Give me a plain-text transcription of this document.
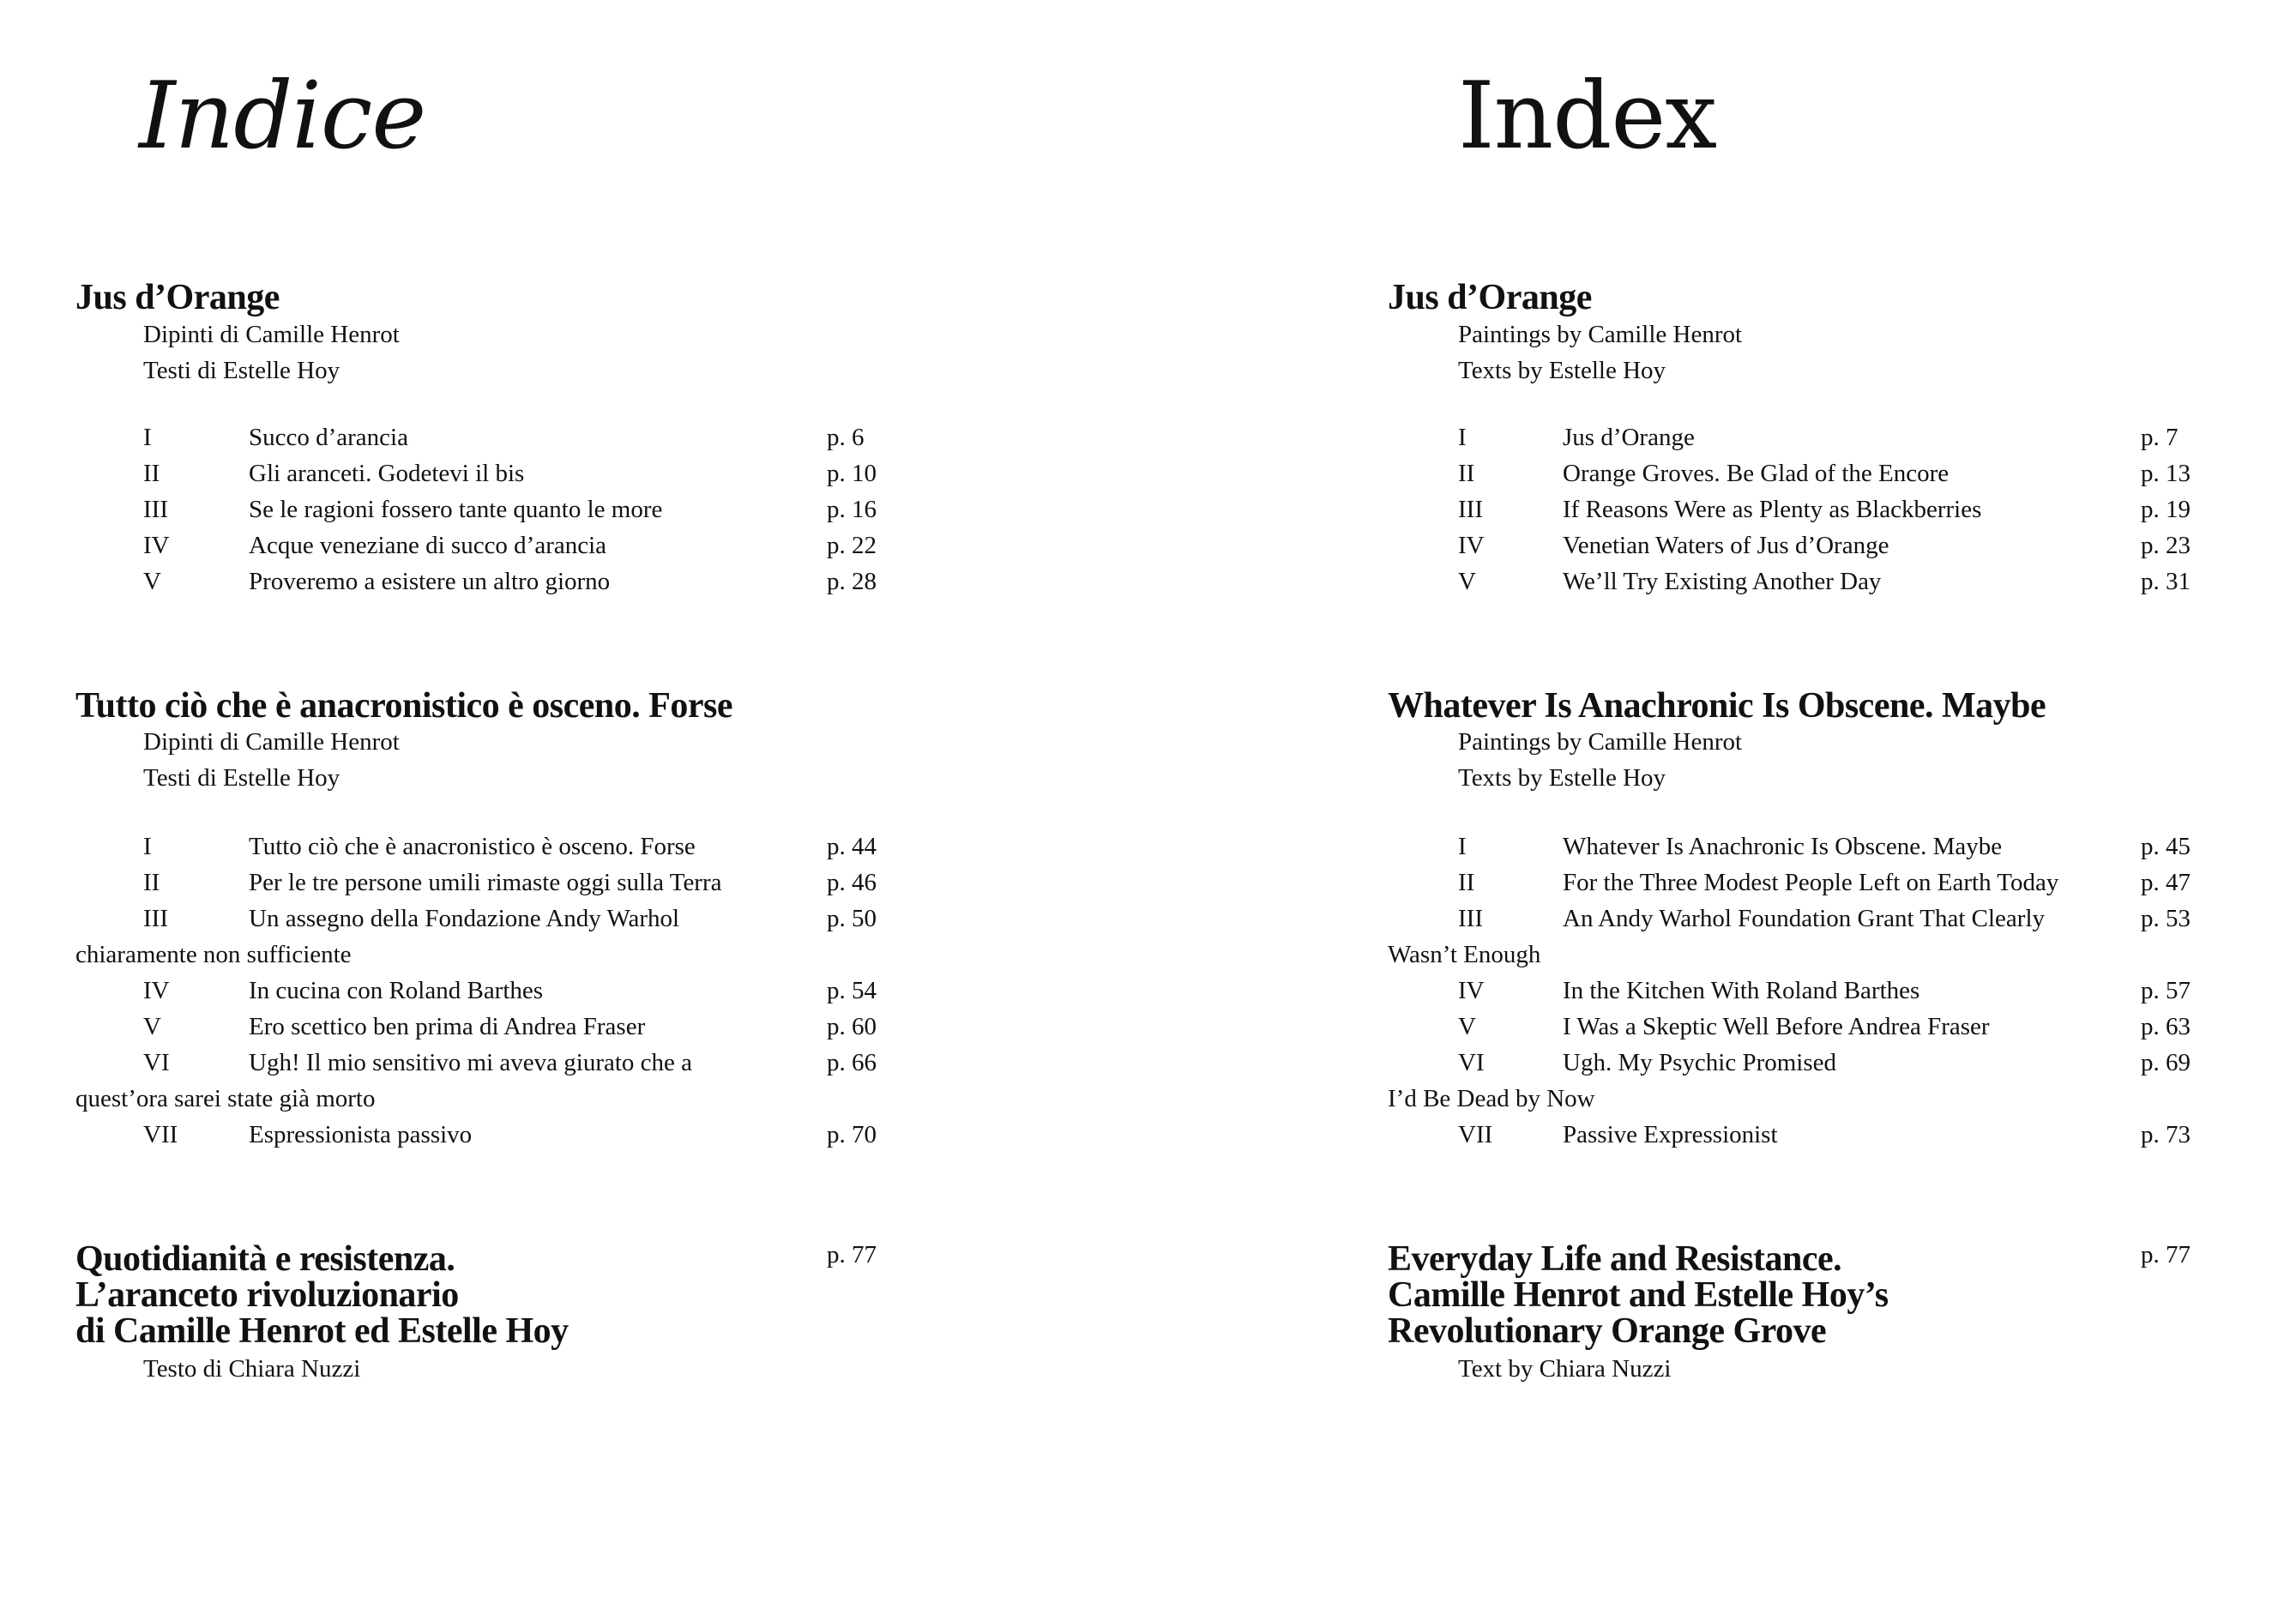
Indice
Jus d’Orange
Dipinti di Camille Henrot
Testi di Estelle Hoy
I	Succo d’arancia	p. 6
II	Gli aranceti. Godetevi il bis	p. 10
III	Se le ragioni fossero tante quanto le more	p. 16
IV	Acque veneziane di succo d’arancia	p. 22
V	Proveremo a esistere un altro giorno	p. 28
Tutto ciò che è anacronistico è osceno. Forse
Dipinti di Camille Henrot
Testi di Estelle Hoy
I	Tutto ciò che è anacronistico è osceno. Forse	p. 44
II	Per le tre persone umili rimaste oggi sulla Terra	p. 46
III	Un assegno della Fondazione Andy Warhol	p. 50
chiaramente non sufficiente
IV	In cucina con Roland Barthes	p. 54
V	Ero scettico ben prima di Andrea Fraser	p. 60
VI	Ugh! Il mio sensitivo mi aveva giurato che a	p. 66
quest’ora sarei state già morto
VII	Espressionista passivo	p. 70
Quotidianità e resistenza.
L’aranceto rivoluzionario
di Camille Henrot ed Estelle Hoy
Testo di Chiara Nuzzi
p. 77
Index
Jus d’Orange
Paintings by Camille Henrot
Texts by Estelle Hoy
I	Jus d’Orange	p. 7
II	Orange Groves. Be Glad of the Encore	p. 13
III	If Reasons Were as Plenty as Blackberries	p. 19
IV	Venetian Waters of Jus d’Orange	p. 23
V	We’ll Try Existing Another Day	p. 31
Whatever Is Anachronic Is Obscene. Maybe
Paintings by Camille Henrot
Texts by Estelle Hoy
I	Whatever Is Anachronic Is Obscene. Maybe	p. 45
II	For the Three Modest People Left on Earth Today	p. 47
III	An Andy Warhol Foundation Grant That Clearly	p. 53
Wasn’t Enough
IV	In the Kitchen With Roland Barthes	p. 57
V	I Was a Skeptic Well Before Andrea Fraser	p. 63
VI	Ugh. My Psychic Promised	p. 69
I’d Be Dead by Now
VII	Passive Expressionist	p. 73
Everyday Life and Resistance.
Camille Henrot and Estelle Hoy’s
Revolutionary Orange Grove
Text by Chiara Nuzzi
p. 77
